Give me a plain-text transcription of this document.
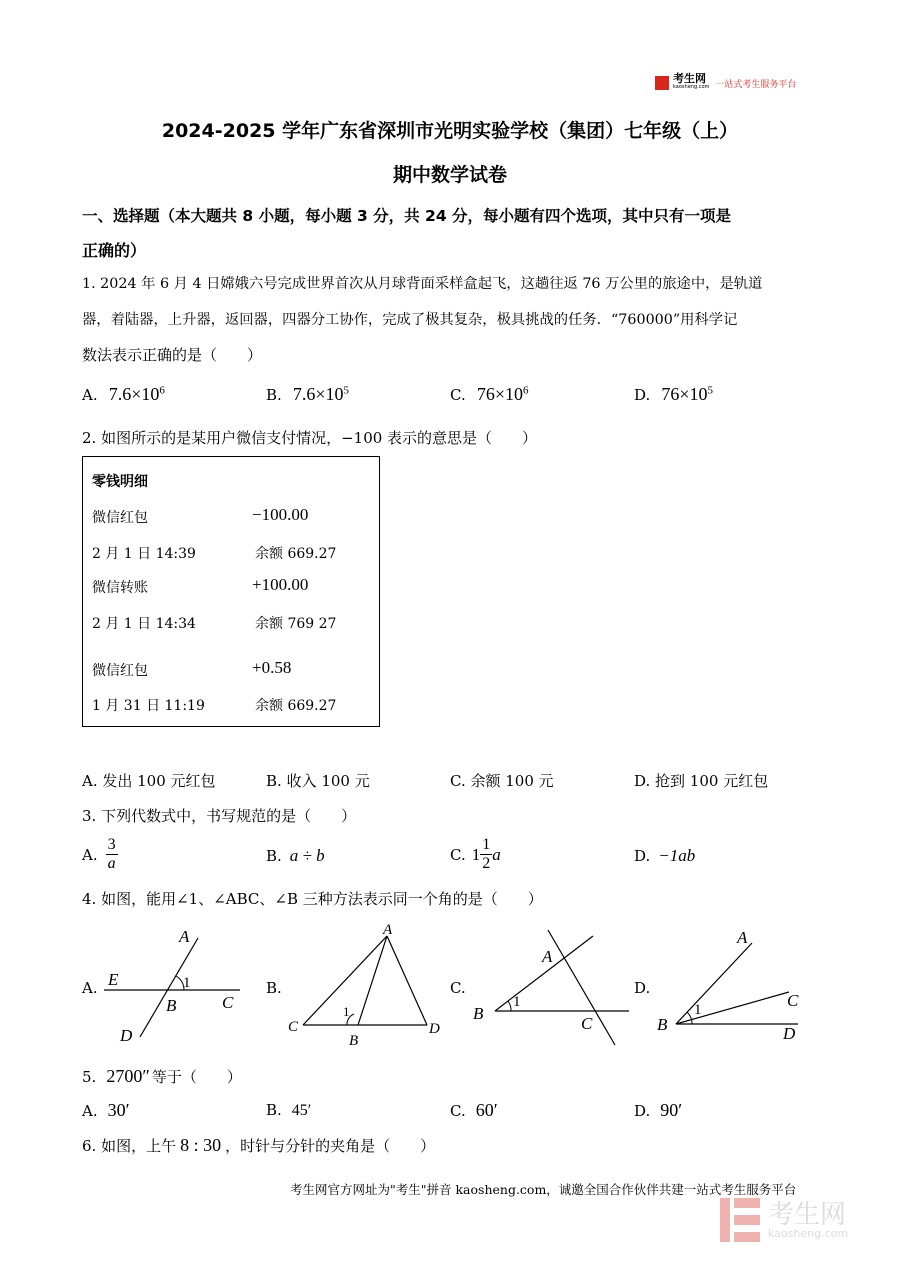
考生网
kaosheng.com 一站式考生服务平台
2024-2025 学年广东省深圳市光明实验学校（集团）七年级（上）
期中数学试卷
一、选择题（本大题共 8 小题，每小题 3 分，共 24 分，每小题有四个选项，其中只有一项是
正确的）
1. 2024 年 6 月 4 日嫦娥六号完成世界首次从月球背面采样盒起飞，这趟往返 76 万公里的旅途中，是轨道
器，着陆器，上升器，返回器，四器分工协作，完成了极其复杂，极具挑战的任务．“760000”用科学记
数法表示正确的是（　　）
A. $7.6\times 10^6$	B. $7.6\times 10^5$	C. $76\times 10^6$	D. $76\times 10^5$
2. 如图所示的是某用户微信支付情况，−100 表示的意思是（　　）
零钱明细
微信红包	−100.00
2 月 1 日 14:39	余额 669.27
微信转账	+100.00
2 月 1 日 14:34	余额 769 27
微信红包	+0.58
1 月 31 日 11:19	余额 669.27
A. 发出 100 元红包	B. 收入 100 元	C. 余额 100 元	D. 抢到 100 元红包
3. 下列代数式中，书写规范的是（　　）
A. $\frac{3}{a}$	B. a ÷ b	C. $1 \frac{1}{2}$ a	D. −1ab
4. 如图，能用∠1、∠ABC、∠B 三种方法表示同一个角的是（　　）
A.	B.	C.	D.
A
E	1
B	C
D
A
1
C
B
D
A
B
1
C
A
C
1
B	D
5. 2700″ 等于（　　）
A. 30′	B. 45′	C. 60′	D. 90′
6. 如图，上午 8 : 30 ，时针与分针的夹角是（　　）
考生网官方网址为"考生"拼音 kaosheng.com，诚邀全国合作伙伴共建一站式考生服务平台
考生网
kaosheng.com
